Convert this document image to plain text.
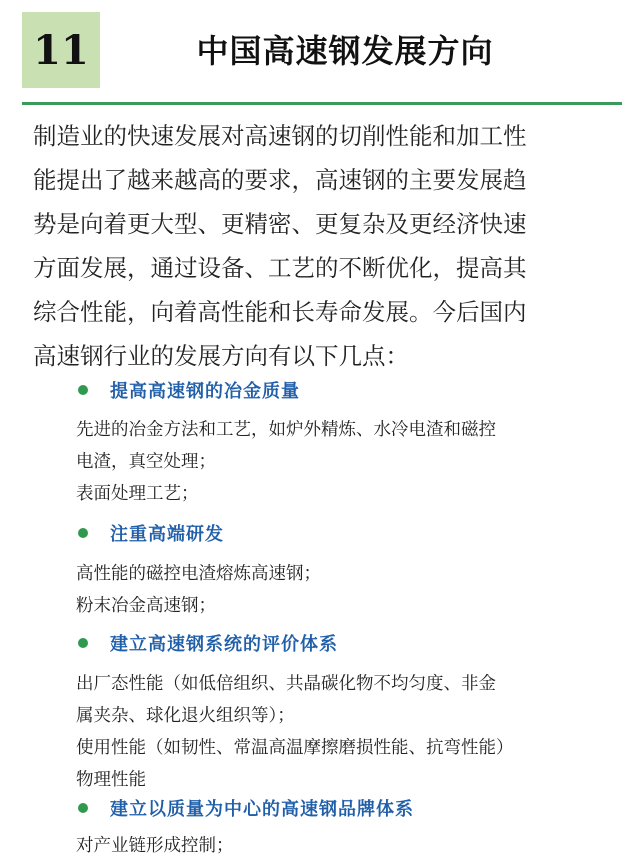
11	中国高速钢发展方向
制造业的快速发展对高速钢的切削性能和加工性
能提出了越来越高的要求，高速钢的主要发展趋
势是向着更大型、更精密、更复杂及更经济快速
方面发展，通过设备、工艺的不断优化，提高其
综合性能，向着高性能和长寿命发展。今后国内
高速钢行业的发展方向有以下几点：
提高高速钢的冶金质量
先进的冶金方法和工艺，如炉外精炼、水冷电渣和磁控
电渣，真空处理；
表面处理工艺；
注重高端研发
高性能的磁控电渣熔炼高速钢；
粉末冶金高速钢；
建立高速钢系统的评价体系
出厂态性能（如低倍组织、共晶碳化物不均匀度、非金
属夹杂、球化退火组织等）；
使用性能（如韧性、常温高温摩擦磨损性能、抗弯性能）
物理性能
建立以质量为中心的高速钢品牌体系
对产业链形成控制；
